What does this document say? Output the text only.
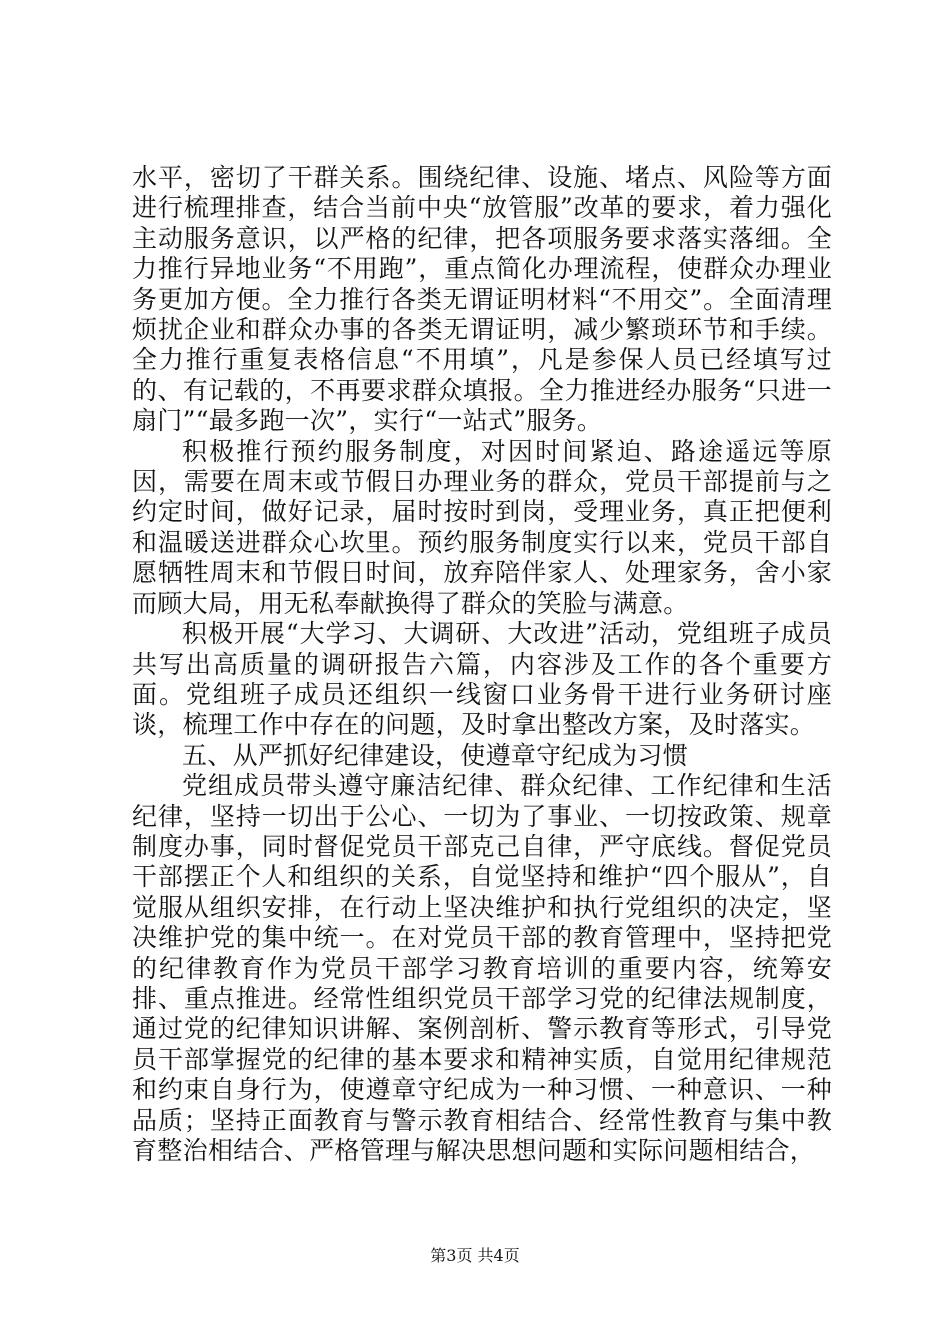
水平，密切了干群关系。围绕纪律、设施、堵点、风险等方面进行梳理排查，结合当前中央“放管服”改革的要求，着力强化主动服务意识，以严格的纪律，把各项服务要求落实落细。全力推行异地业务“不用跑”，重点简化办理流程，使群众办理业务更加方便。全力推行各类无谓证明材料“不用交”。全面清理烦扰企业和群众办事的各类无谓证明，减少繁琐环节和手续。全力推行重复表格信息“不用填”，凡是参保人员已经填写过的、有记载的，不再要求群众填报。全力推进经办服务“只进一扇门”“最多跑一次”，实行“一站式”服务。

积极推行预约服务制度，对因时间紧迫、路途遥远等原因，需要在周末或节假日办理业务的群众，党员干部提前与之约定时间，做好记录，届时按时到岗，受理业务，真正把便利和温暖送进群众心坎里。预约服务制度实行以来，党员干部自愿牺牲周末和节假日时间，放弃陪伴家人、处理家务，舍小家而顾大局，用无私奉献换得了群众的笑脸与满意。

积极开展“大学习、大调研、大改进”活动，党组班子成员共写出高质量的调研报告六篇，内容涉及工作的各个重要方面。党组班子成员还组织一线窗口业务骨干进行业务研讨座谈，梳理工作中存在的问题，及时拿出整改方案，及时落实。

五、从严抓好纪律建设，使遵章守纪成为习惯

党组成员带头遵守廉洁纪律、群众纪律、工作纪律和生活纪律，坚持一切出于公心、一切为了事业、一切按政策、规章制度办事，同时督促党员干部克己自律，严守底线。督促党员干部摆正个人和组织的关系，自觉坚持和维护“四个服从”，自觉服从组织安排，在行动上坚决维护和执行党组织的决定，坚决维护党的集中统一。在对党员干部的教育管理中，坚持把党的纪律教育作为党员干部学习教育培训的重要内容，统筹安排、重点推进。经常性组织党员干部学习党的纪律法规制度，通过党的纪律知识讲解、案例剖析、警示教育等形式，引导党员干部掌握党的纪律的基本要求和精神实质，自觉用纪律规范和约束自身行为，使遵章守纪成为一种习惯、一种意识、一种品质；坚持正面教育与警示教育相结合、经常性教育与集中教育整治相结合、严格管理与解决思想问题和实际问题相结合，

第3页 共4页
